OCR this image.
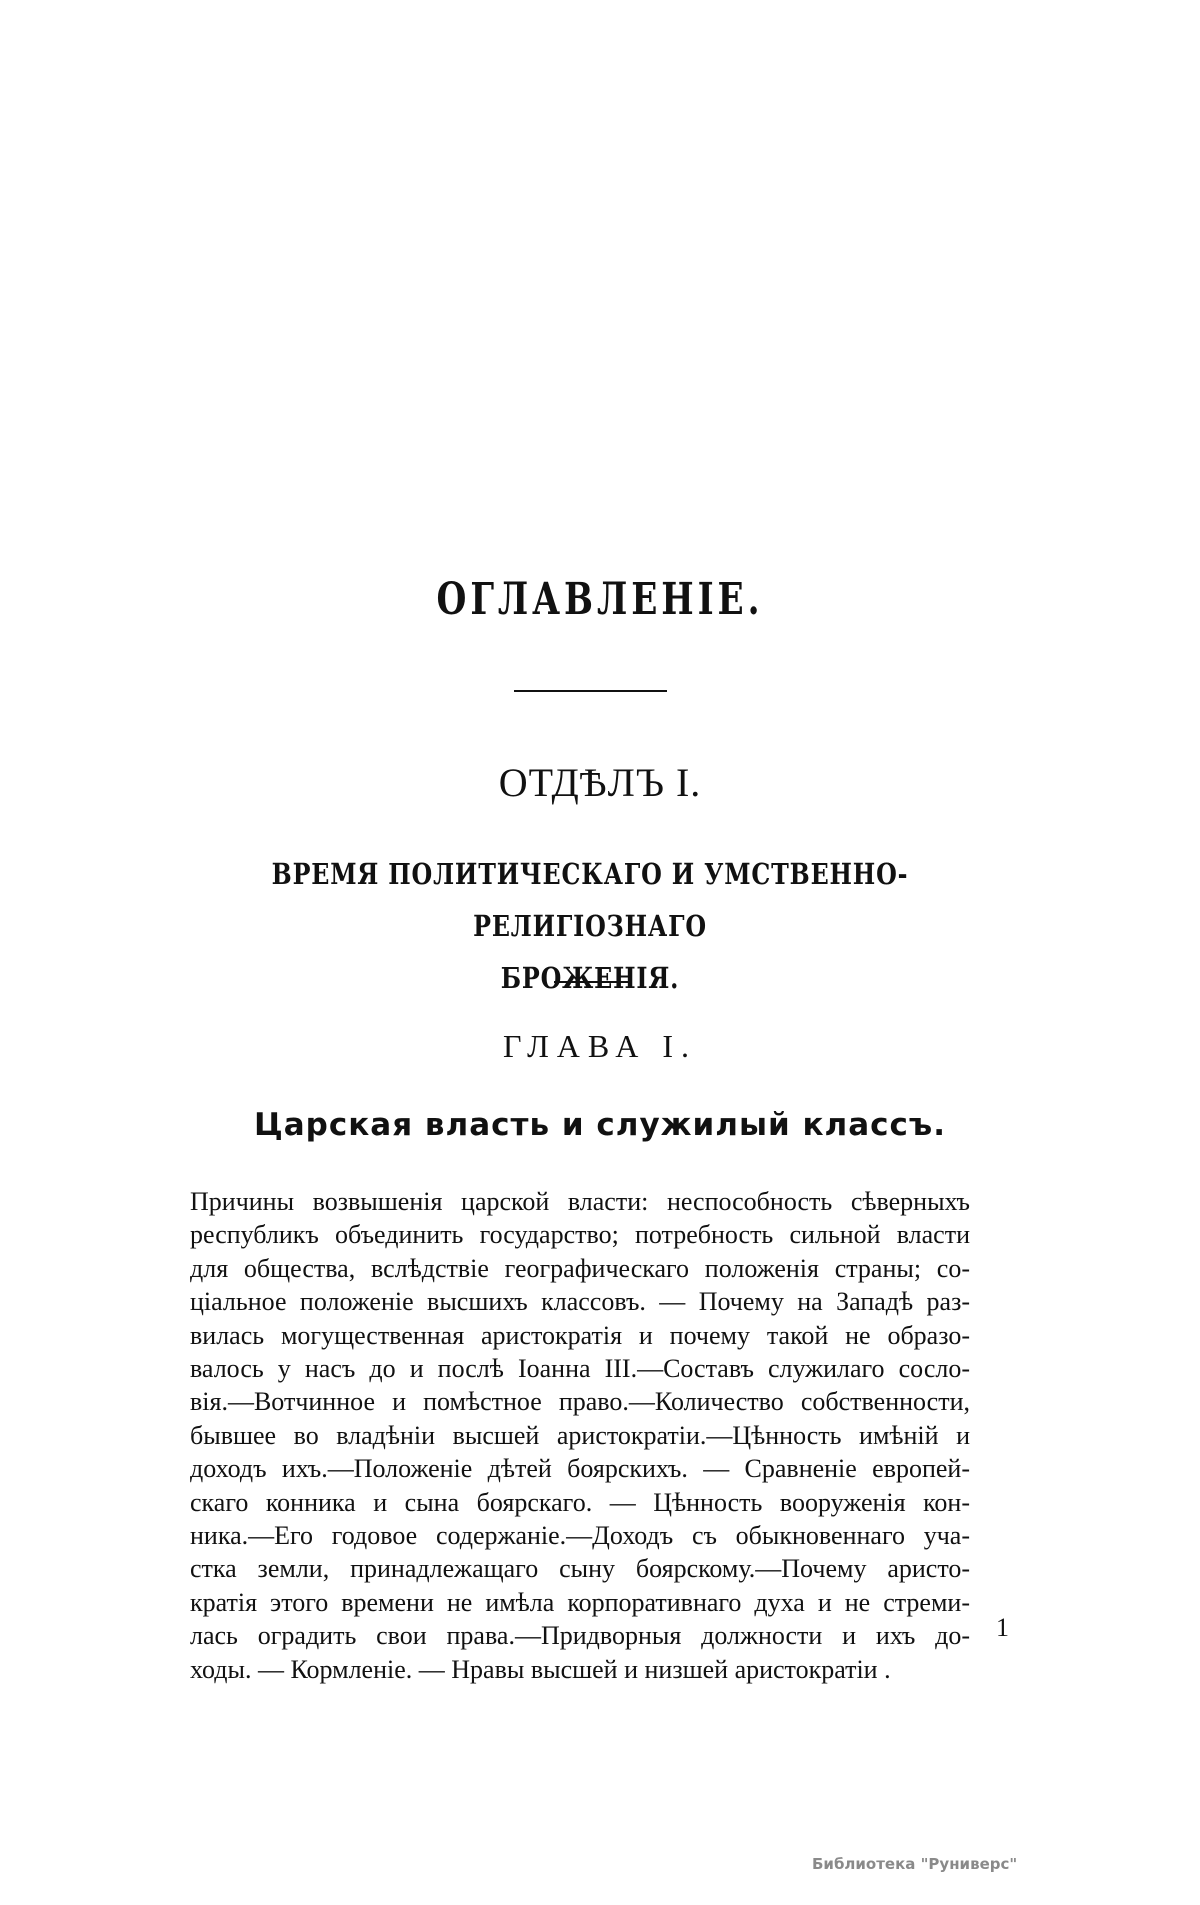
ОГЛАВЛЕНІЕ.
ОТДѢЛЪ I.
ВРЕМЯ ПОЛИТИЧЕСКАГО И УМСТВЕННО-РЕЛИГІОЗНАГО
БРОЖЕНІЯ.
ГЛАВА I.
Царская власть и служилый классъ.
Причины возвышенія царской власти: неспособность сѣверныхъ
республикъ объединить государство; потребность сильной власти
для общества, вслѣдствіе географическаго положенія страны; со-
ціальное положеніе высшихъ классовъ. — Почему на Западѣ раз-
вилась могущественная аристократія и почему такой не образо-
валось у насъ до и послѣ Іоанна III.—Составъ служилаго сосло-
вія.—Вотчинное и помѣстное право.—Количество собственности,
бывшее во владѣніи высшей аристократіи.—Цѣнность имѣній и
доходъ ихъ.—Положеніе дѣтей боярскихъ. — Сравненіе европей-
скаго конника и сына боярскаго. — Цѣнность вооруженія кон-
ника.—Его годовое содержаніе.—Доходъ съ обыкновеннаго уча-
стка земли, принадлежащаго сыну боярскому.—Почему аристо-
кратія этого времени не имѣла корпоративнаго духа и не стреми-
лась оградить свои права.—Придворныя должности и ихъ до-
ходы. — Кормленіе. — Нравы высшей и низшей аристократіи .
1
Библиотека "Руниверс"
